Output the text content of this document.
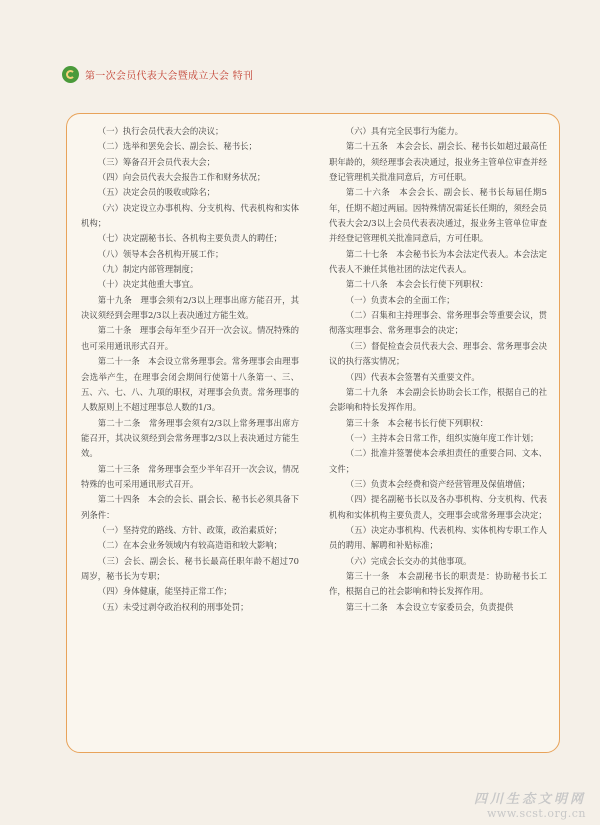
第一次会员代表大会暨成立大会 特刊

（一）执行会员代表大会的决议；

（二）选举和罢免会长、副会长、秘书长；

（三）筹备召开会员代表大会；

（四）向会员代表大会报告工作和财务状况；

（五）决定会员的吸收或除名；

（六）决定设立办事机构、分支机构、代表机构和实体机构；

（七）决定副秘书长、各机构主要负责人的聘任；

（八）领导本会各机构开展工作；

（九）制定内部管理制度；

（十）决定其他重大事宜。

第十九条　理事会须有2/3以上理事出席方能召开，其决议须经到会理事2/3以上表决通过方能生效。

第二十条　理事会每年至少召开一次会议。情况特殊的也可采用通讯形式召开。

第二十一条　本会设立常务理事会。常务理事会由理事会选举产生，在理事会闭会期间行使第十八条第一、三、五、六、七、八、九项的职权，对理事会负责。常务理事的人数原则上不超过理事总人数的1/3。

第二十二条　常务理事会须有2/3以上常务理事出席方能召开，其决议须经到会常务理事2/3以上表决通过方能生效。

第二十三条　常务理事会至少半年召开一次会议，情况特殊的也可采用通讯形式召开。

第二十四条　本会的会长、副会长、秘书长必须具备下列条件：

（一）坚持党的路线、方针、政策，政治素质好；

（二）在本会业务领域内有较高造诣和较大影响；

（三）会长、副会长、秘书长最高任职年龄不超过70周岁，秘书长为专职；

（四）身体健康，能坚持正常工作；

（五）未受过剥夺政治权利的刑事处罚；

（六）具有完全民事行为能力。

第二十五条　本会会长、副会长、秘书长如超过最高任职年龄的，须经理事会表决通过，报业务主管单位审查并经登记管理机关批准同意后，方可任职。

第二十六条　本会会长、副会长、秘书长每届任期5年，任期不超过两届。因特殊情况需延长任期的，须经会员代表大会2/3以上会员代表表决通过，报业务主管单位审查并经登记管理机关批准同意后，方可任职。

第二十七条　本会秘书长为本会法定代表人。本会法定代表人不兼任其他社团的法定代表人。

第二十八条　本会会长行使下列职权：

（一）负责本会的全面工作；

（二）召集和主持理事会、常务理事会等重要会议，贯彻落实理事会、常务理事会的决定；

（三）督促检查会员代表大会、理事会、常务理事会决议的执行落实情况；

（四）代表本会签署有关重要文件。

第二十九条　本会副会长协助会长工作，根据自己的社会影响和特长发挥作用。

第三十条　本会秘书长行使下列职权：

（一）主持本会日常工作，组织实施年度工作计划；

（二）批准并签署使本会承担责任的重要合同、文本、文件；

（三）负责本会经费和资产经营管理及保值增值；

（四）提名副秘书长以及各办事机构、分支机构、代表机构和实体机构主要负责人，交理事会或常务理事会决定；

（五）决定办事机构、代表机构、实体机构专职工作人员的聘用、解聘和补贴标准；

（六）完成会长交办的其他事项。

第三十一条　本会副秘书长的职责是：协助秘书长工作，根据自己的社会影响和特长发挥作用。

第三十二条　本会设立专家委员会，负责提供

四川生态文明网
www.scst.org.cn
